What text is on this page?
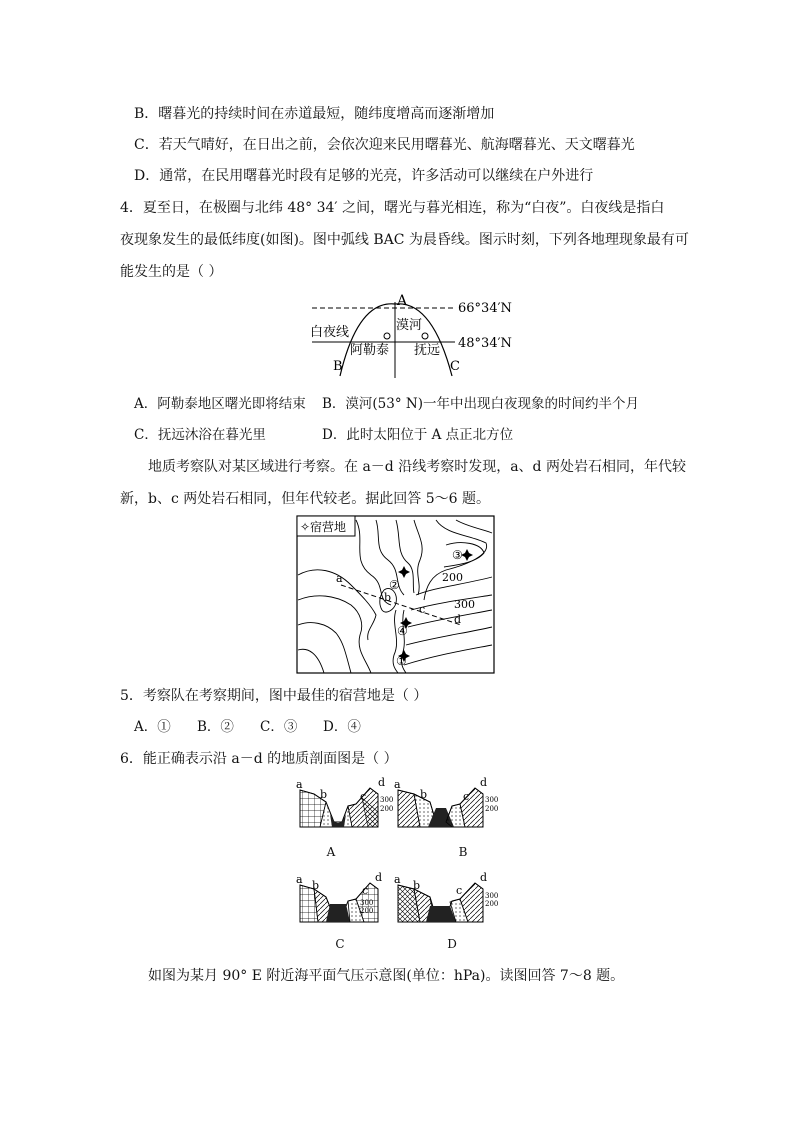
B．曙暮光的持续时间在赤道最短，随纬度增高而逐渐增加
C．若天气晴好，在日出之前，会依次迎来民用曙暮光、航海曙暮光、天文曙暮光
D．通常，在民用曙暮光时段有足够的光亮，许多活动可以继续在户外进行
4．夏至日，在极圈与北纬 48° 34′ 之间，曙光与暮光相连，称为“白夜”。白夜线是指白
夜现象发生的最低纬度(如图)。图中弧线 BAC 为晨昏线。图示时刻，下列各地理现象最有可
能发生的是（ ）
A
B	C
66°34′N
48°34′N
白夜线	漠河
阿勒泰 抚远
A．阿勒泰地区曙光即将结束 B．漠河(53° N)一年中出现白夜现象的时间约半个月
C．抚远沐浴在暮光里	D．此时太阳位于 A 点正北方位
地质考察队对某区域进行考察。在 a－d 沿线考察时发现，a、d 两处岩石相同，年代较
新，b、c 两处岩石相同，但年代较老。据此回答 5～6 题。
✧宿营地
a
b
c
d
200
300
①
②
③
④
5．考察队在考察期间，图中最佳的宿营地是（ ）
A．① B．② C．③ D．④
6．能正确表示沿 a－d 的地质剖面图是（ ）
a
b	c
d
300
200
a
b	c
d
300
200
a b	c
d
300
200
a b	c
d
300
200
A	B
C	D
如图为某月 90° E 附近海平面气压示意图(单位：hPa)。读图回答 7～8 题。
